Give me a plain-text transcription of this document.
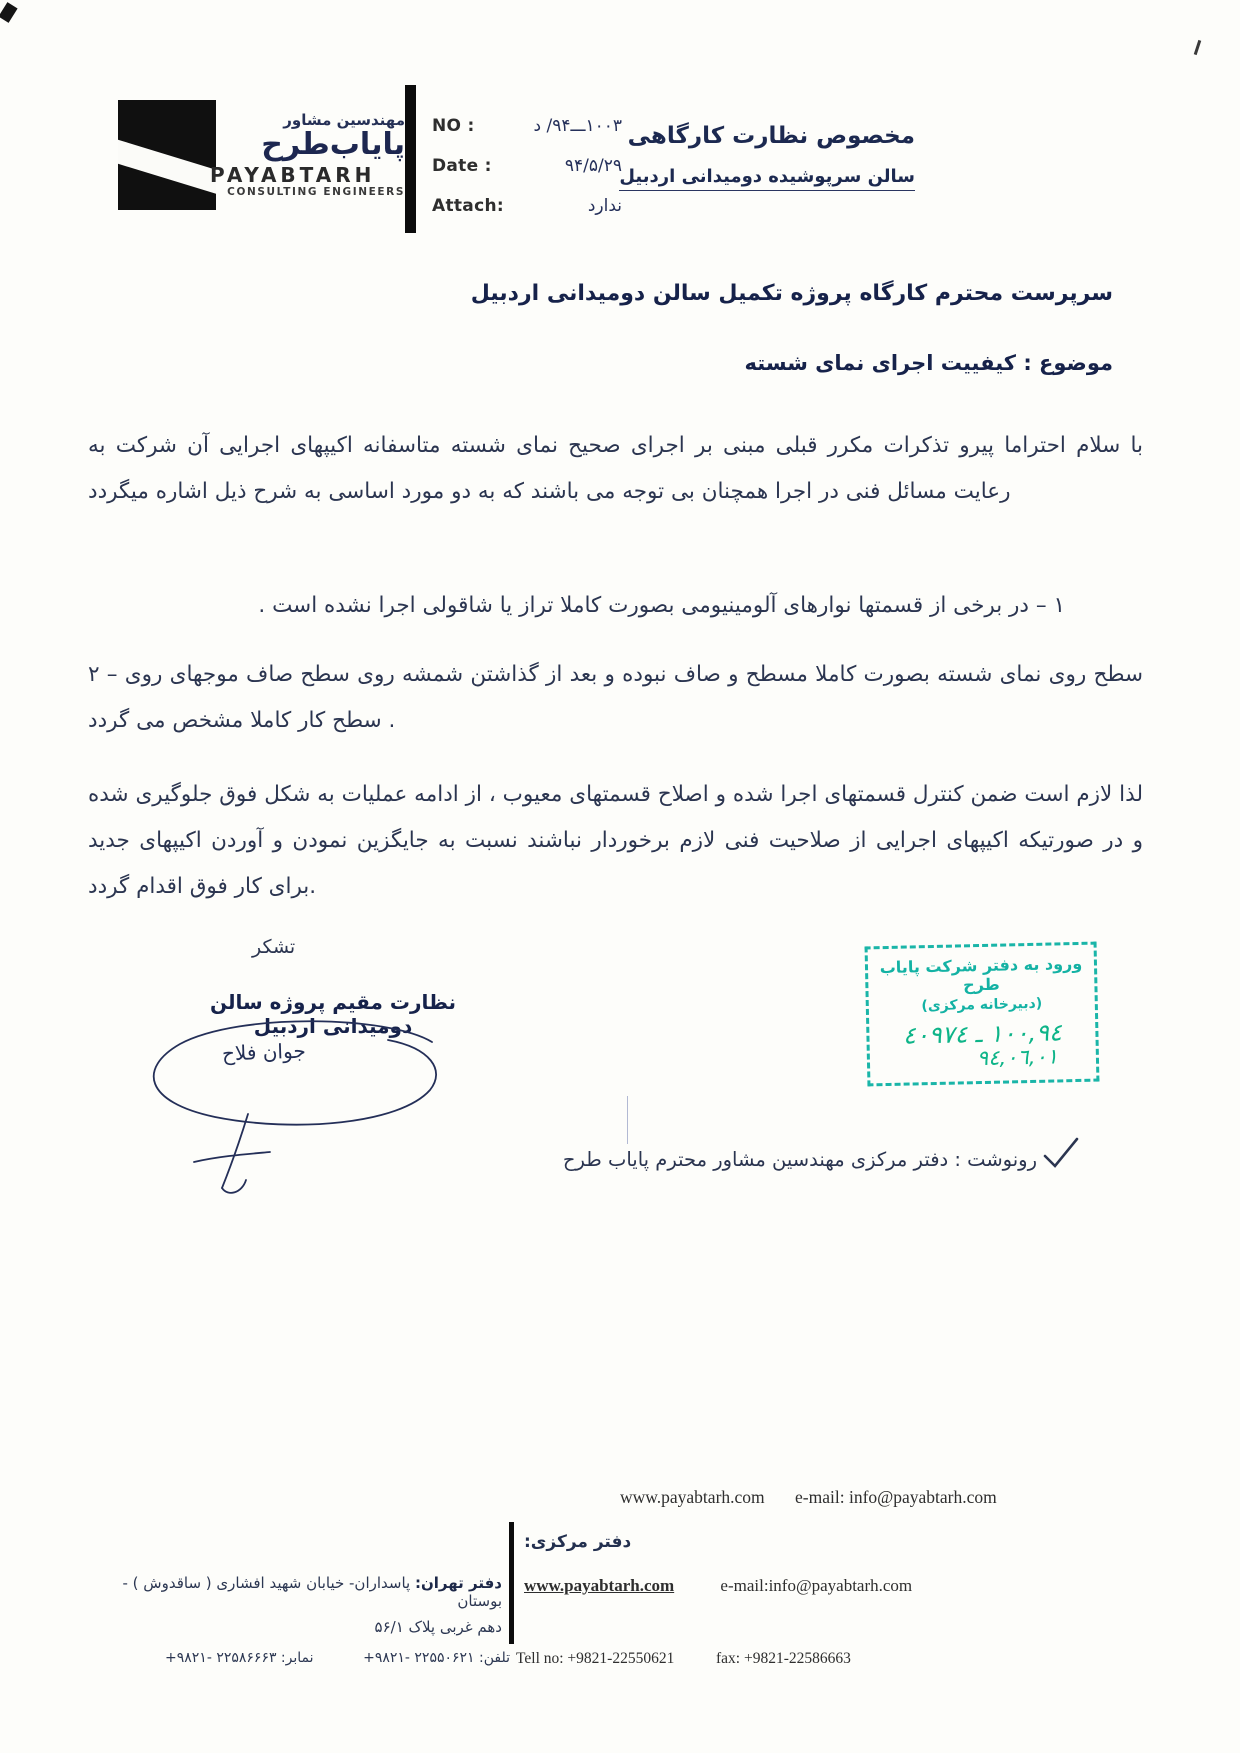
مهندسین مشاور
پایاب‌طرح
PAYABTARH
CONSULTING ENGINEERS
NO :	۱۰۰۳ـــ۹۴/ د
Date :	۹۴/۵/۲۹
Attach:	ندارد
مخصوص نظارت کارگاهی
سالن سرپوشیده دومیدانی اردبیل
سرپرست محترم کارگاه پروژه تکمیل سالن دومیدانی اردبیل
موضوع : کیفییت اجرای نمای شسته
با سلام احتراما پیرو تذکرات مکرر قبلی مبنی بر اجرای صحیح نمای شسته متاسفانه اکیپهای اجرایی آن شرکت به رعایت مسائل فنی در اجرا همچنان بی توجه می باشند که به دو مورد اساسی به شرح ذیل اشاره میگردد
۱ – در برخی از قسمتها نوارهای آلومینیومی بصورت کاملا تراز یا شاقولی اجرا نشده است .
۲ – سطح روی نمای شسته بصورت کاملا مسطح و صاف نبوده و بعد از گذاشتن شمشه روی سطح صاف موجهای روی سطح کار کاملا مشخص می گردد .
لذا لازم است ضمن کنترل قسمتهای اجرا شده و اصلاح قسمتهای معیوب ، از ادامه عملیات به شکل فوق جلوگیری شده و در صورتیکه اکیپهای اجرایی از صلاحیت فنی لازم برخوردار نباشند نسبت به جایگزین نمودن و آوردن اکیپهای جدید برای کار فوق اقدام گردد.
تشکر
نظارت مقیم پروژه سالن دومیدانی اردبیل
جوان فلاح
ورود به دفتر شرکت پایاب طرح
(دبیرخانه مرکزی)
١٠٠,٩٤ ـ ٤٠٩٧٤
٩٤,٠٦,٠١
رونوشت : دفتر مرکزی مهندسین مشاور محترم پایاب طرح
www.payabtarh.com e-mail: info@payabtarh.com
دفتر مرکزی:
دفتر تهران: پاسداران- خیابان شهید افشاری ( ساقدوش ) - بوستان
www.payabtarh.com	e-mail:info@payabtarh.com
دهم غربی پلاک ۵۶/۱
تلفن: ۲۲۵۵۰۶۲۱ -۹۸۲۱+
نمابر: ۲۲۵۸۶۶۶۳ -۹۸۲۱+	Tell no: +9821-22550621	fax: +9821-22586663
